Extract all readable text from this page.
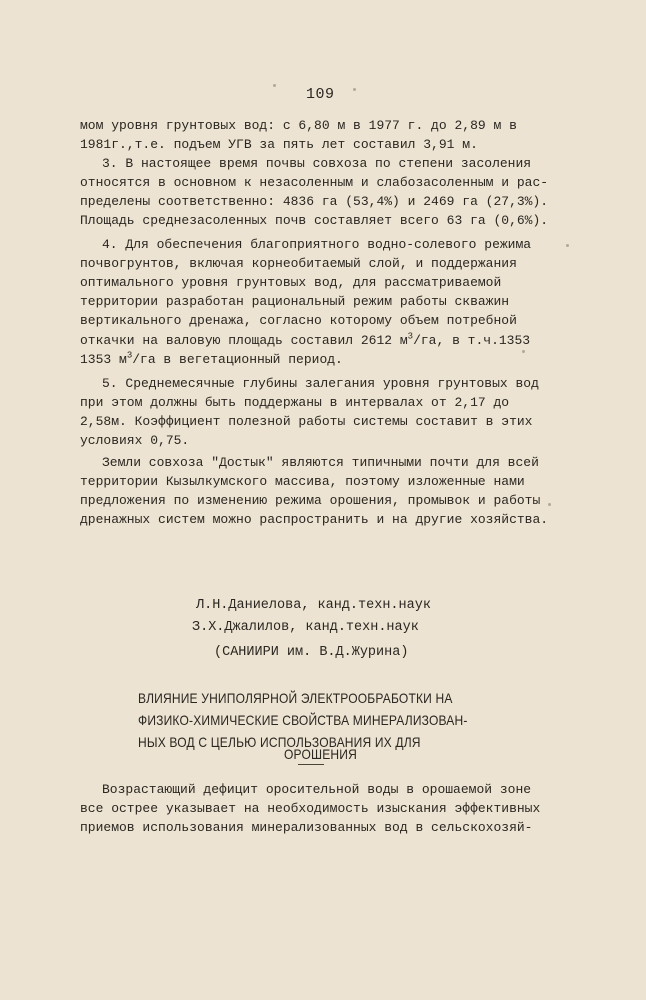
109
мом уровня грунтовых вод: с 6,80 м в 1977 г. до 2,89 м в
1981г.,т.е. подъем УГВ за пять лет составил 3,91 м.
3. В настоящее время почвы совхоза по степени засоления
относятся в основном к незасоленным и слабозасоленным и рас-
пределены соответственно: 4836 га (53,4%) и 2469 га (27,3%).
Площадь среднезасоленных почв составляет всего 63 га (0,6%).
4. Для обеспечения благоприятного водно-солевого режима
почвогрунтов, включая корнеобитаемый слой, и поддержания
оптимального уровня грунтовых вод, для рассматриваемой
территории разработан рациональный режим работы скважин
вертикального дренажа, согласно которому объем потребной
откачки на валовую площадь составил 2612 $м^3/га$, в т.ч.1353
1353 $м^3/га$ в вегетационный период.
5. Среднемесячные глубины залегания уровня грунтовых вод
при этом должны быть поддержаны в интервалах от 2,17 до
2,58м. Коэффициент полезной работы системы составит в этих
условиях 0,75.
Земли совхоза "Достык" являются типичными почти для всей
территории Кызылкумского массива, поэтому изложенные нами
предложения по изменению режима орошения, промывок и работы
дренажных систем можно распространить и на другие хозяйства.
Л.Н.Даниелова, канд.техн.наук
З.Х.Джалилов, канд.техн.наук
(САНИИРИ им. В.Д.Журина)
ВЛИЯНИЕ УНИПОЛЯРНОЙ ЭЛЕКТРООБРАБОТКИ НА
ФИЗИКО-ХИМИЧЕСКИЕ СВОЙСТВА МИНЕРАЛИЗОВАН-
НЫХ ВОД С ЦЕЛЬЮ ИСПОЛЬЗОВАНИЯ ИХ ДЛЯ
ОРОШЕНИЯ
Возрастающий дефицит оросительной воды в орошаемой зоне
все острее указывает на необходимость изыскания эффективных
приемов использования минерализованных вод в сельскохозяй-
